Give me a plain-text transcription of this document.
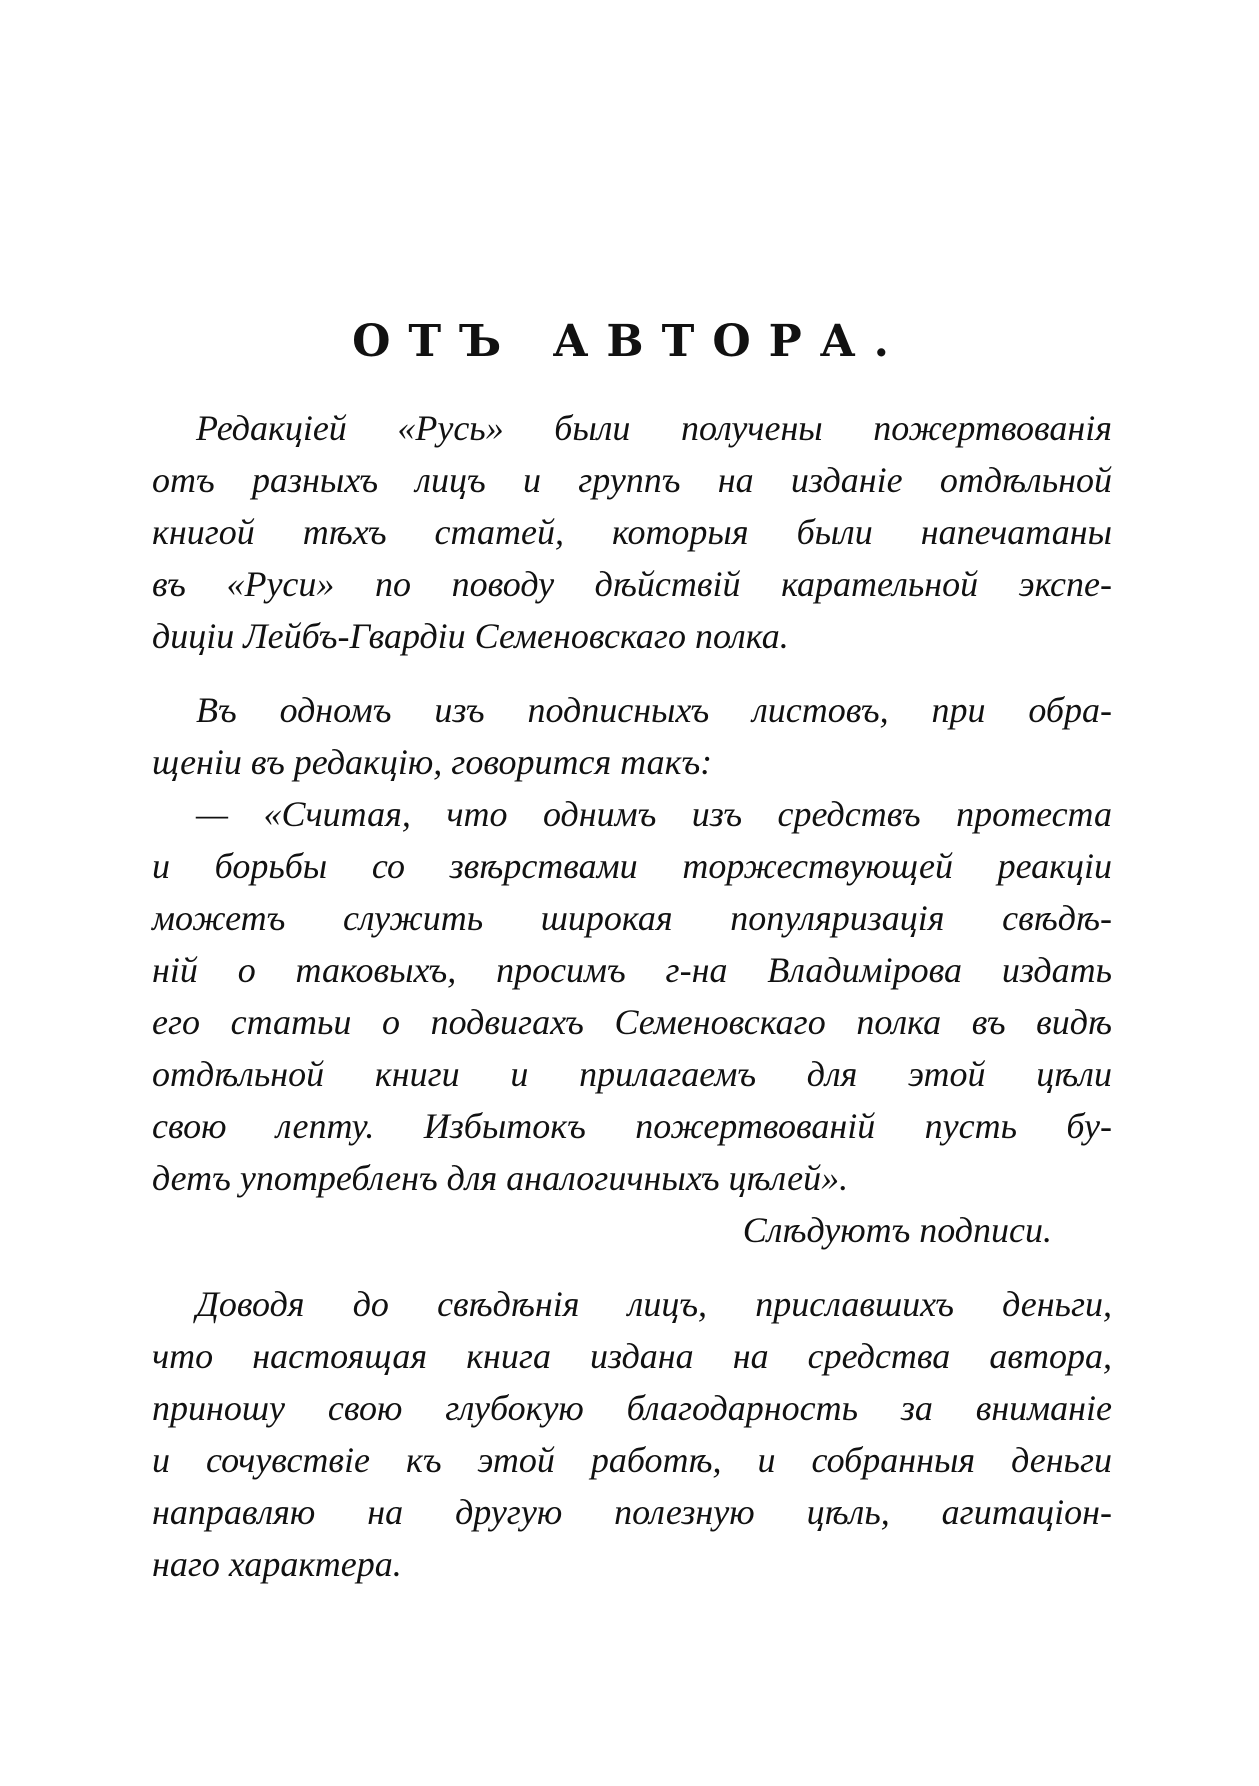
ОТЪ АВТОРА.
Редакціей «Русь» были получены пожертвованія
отъ разныхъ лицъ и группъ на изданіе отдѣльной
книгой тѣхъ статей, которыя были напечатаны
въ «Руси» по поводу дѣйствій карательной экспе-
диціи Лейбъ-Гвардіи Семеновскаго полка.
Въ одномъ изъ подписныхъ листовъ, при обра-
щеніи въ редакцію, говорится такъ:
— «Считая, что однимъ изъ средствъ протеста
и борьбы со звѣрствами торжествующей реакціи
можетъ служить широкая популяризація свѣдѣ-
ній о таковыхъ, просимъ г-на Владимірова издать
его статьи о подвигахъ Семеновскаго полка въ видѣ
отдѣльной книги и прилагаемъ для этой цѣли
свою лепту. Избытокъ пожертвованій пусть бу-
детъ употребленъ для аналогичныхъ цѣлей».
Слѣдуютъ подписи.
Доводя до свѣдѣнія лицъ, приславшихъ деньги,
что настоящая книга издана на средства автора,
приношу свою глубокую благодарность за вниманіе
и сочувствіе къ этой работѣ, и собранныя деньги
направляю на другую полезную цѣль, агитаціон-
наго характера.
